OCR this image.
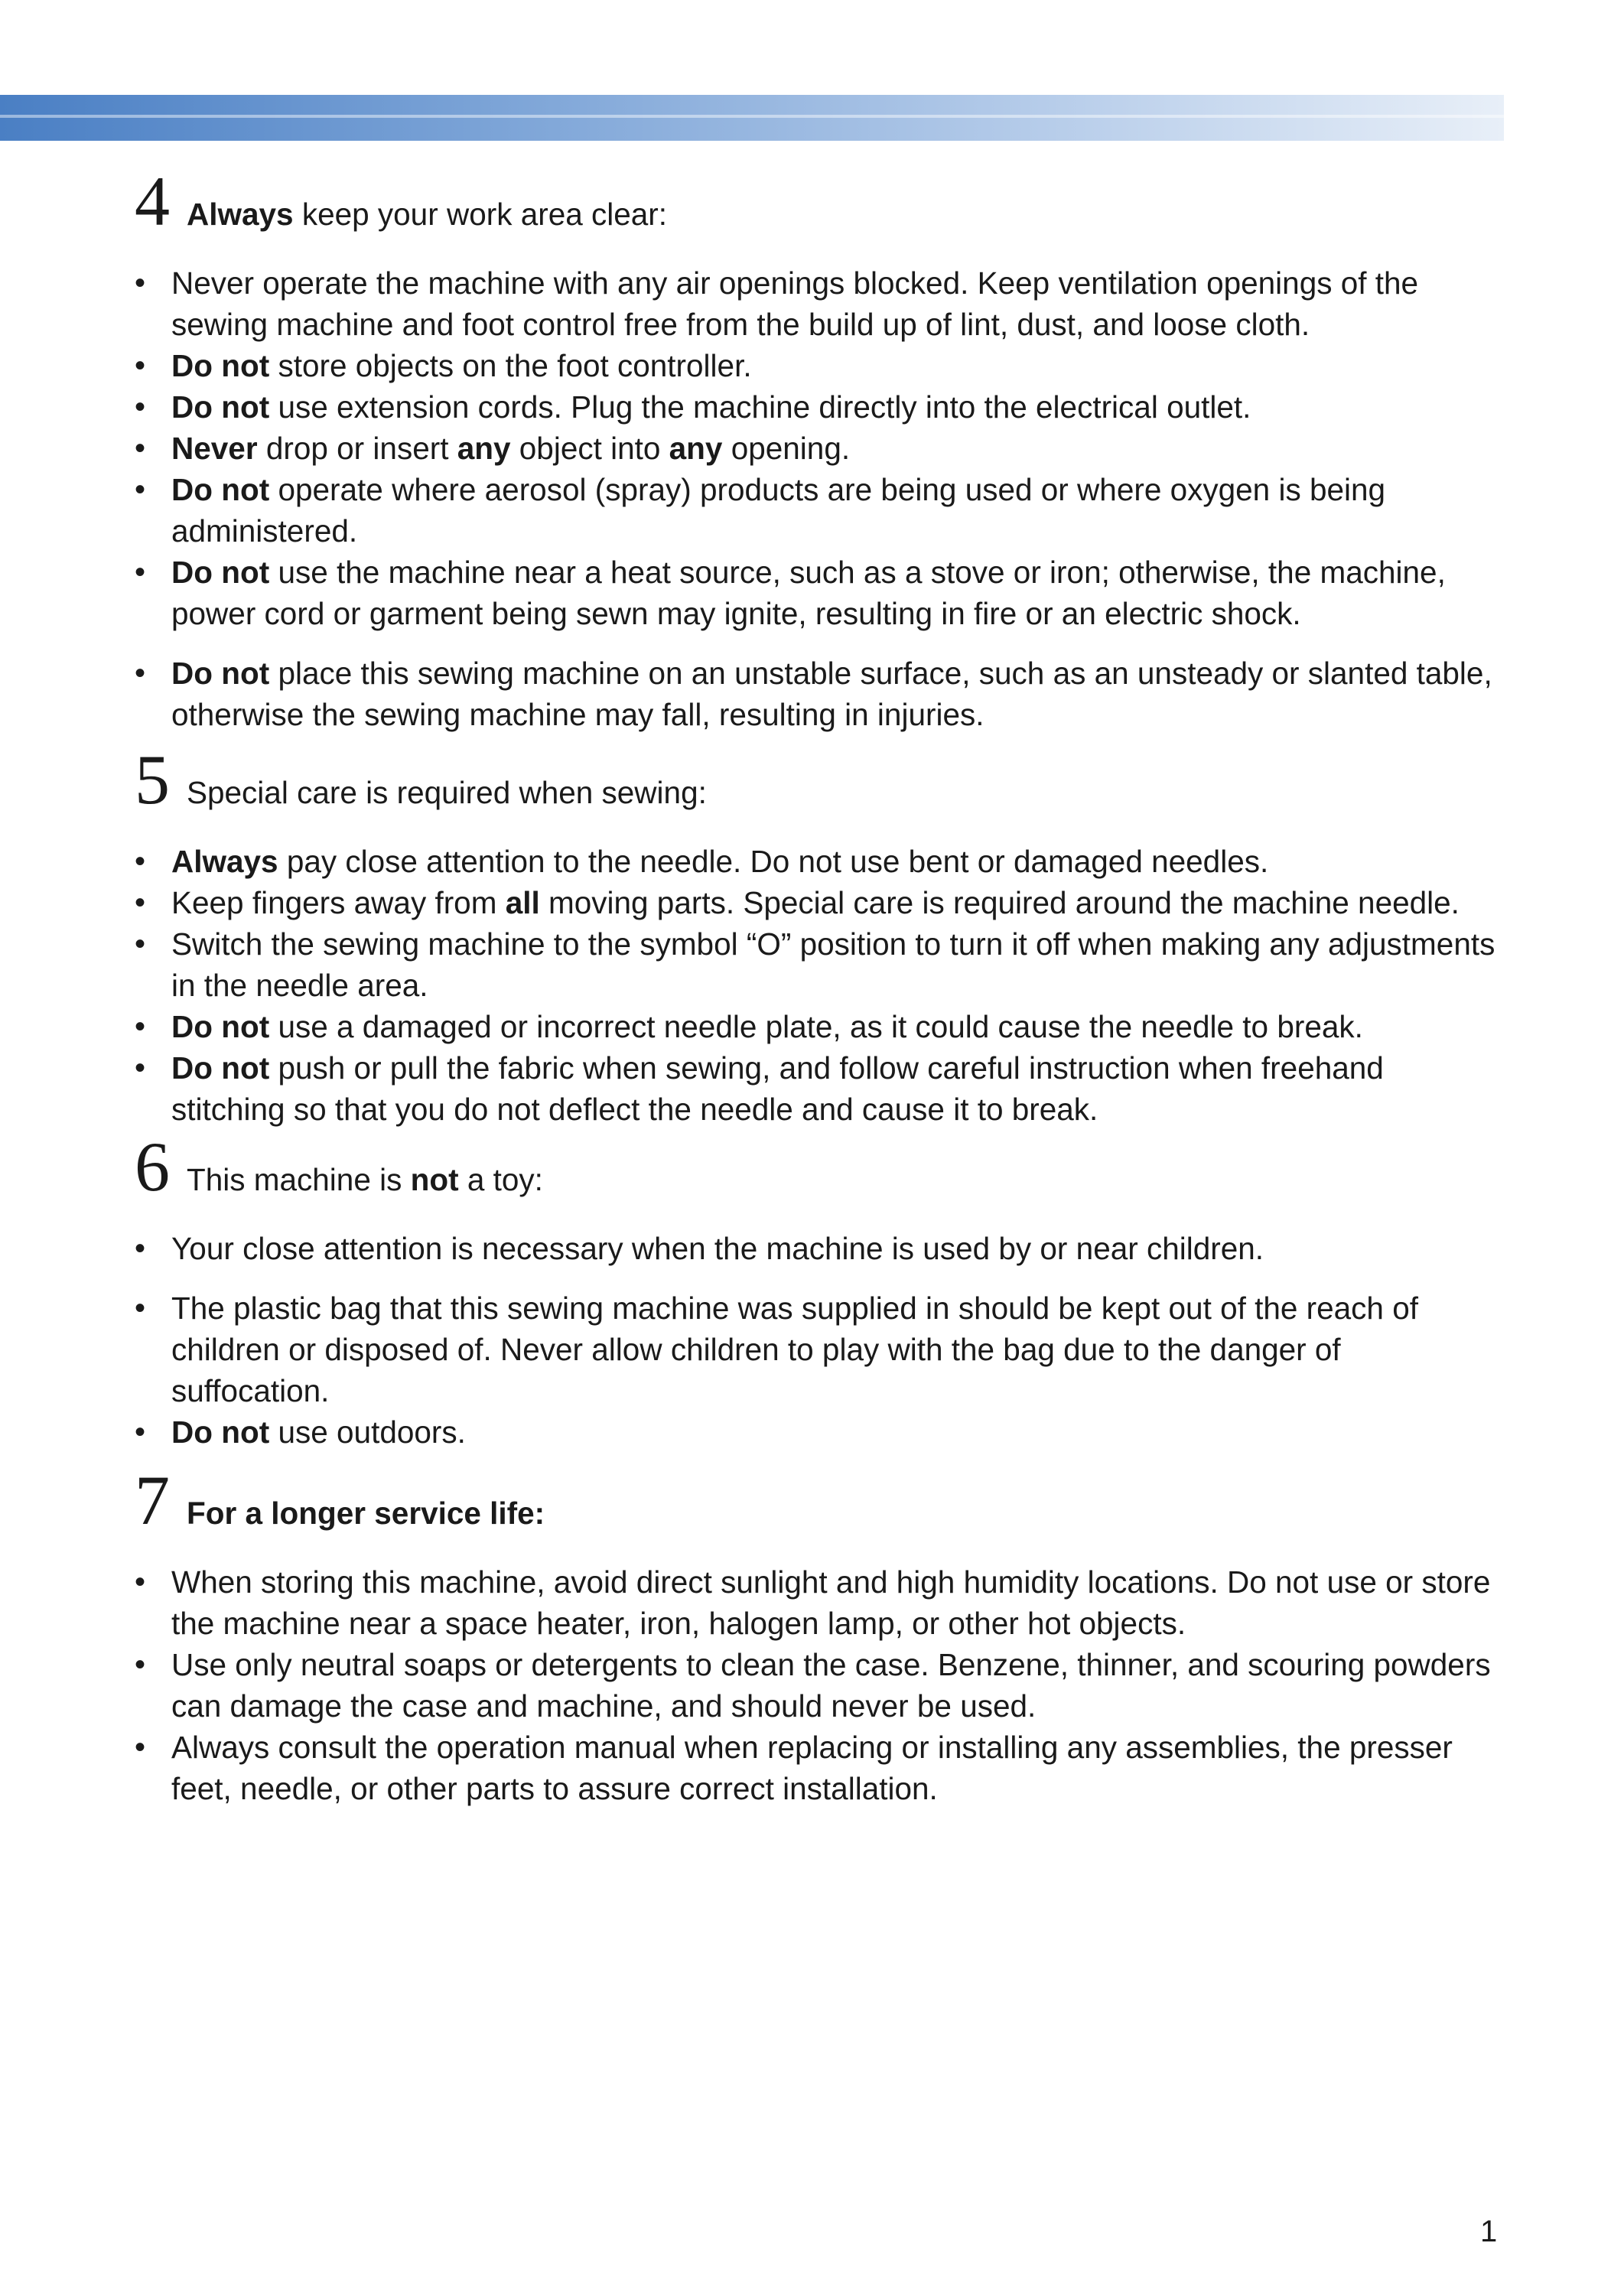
4 Always keep your work area clear:
• Never operate the machine with any air openings blocked. Keep ventilation openings of the sewing machine and foot control free from the build up of lint, dust, and loose cloth.
• Do not store objects on the foot controller.
• Do not use extension cords. Plug the machine directly into the electrical outlet.
• Never drop or insert any object into any opening.
• Do not operate where aerosol (spray) products are being used or where oxygen is being administered.
• Do not use the machine near a heat source, such as a stove or iron; otherwise, the machine, power cord or garment being sewn may ignite, resulting in fire or an electric shock.
• Do not place this sewing machine on an unstable surface, such as an unsteady or slanted table, otherwise the sewing machine may fall, resulting in injuries.
5 Special care is required when sewing:
• Always pay close attention to the needle. Do not use bent or damaged needles.
• Keep fingers away from all moving parts. Special care is required around the machine needle.
• Switch the sewing machine to the symbol “O” position to turn it off when making any adjustments in the needle area.
• Do not use a damaged or incorrect needle plate, as it could cause the needle to break.
• Do not push or pull the fabric when sewing, and follow careful instruction when freehand stitching so that you do not deflect the needle and cause it to break.
6 This machine is not a toy:
• Your close attention is necessary when the machine is used by or near children.
• The plastic bag that this sewing machine was supplied in should be kept out of the reach of children or disposed of. Never allow children to play with the bag due to the danger of suffocation.
• Do not use outdoors.
7 For a longer service life:
• When storing this machine, avoid direct sunlight and high humidity locations. Do not use or store the machine near a space heater, iron, halogen lamp, or other hot objects.
• Use only neutral soaps or detergents to clean the case. Benzene, thinner, and scouring powders can damage the case and machine, and should never be used.
• Always consult the operation manual when replacing or installing any assemblies, the presser feet, needle, or other parts to assure correct installation.
1
